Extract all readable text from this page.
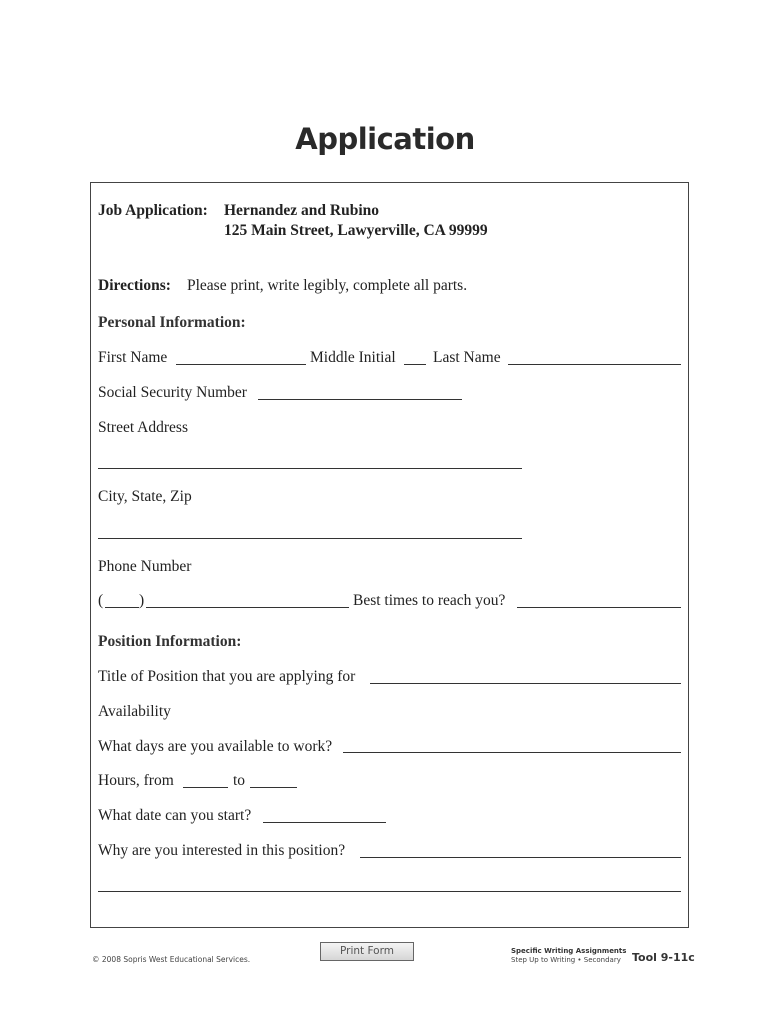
Application
Job Application: Hernandez and Rubino
125 Main Street, Lawyerville, CA 99999
Directions: Please print, write legibly, complete all parts.
Personal Information:
First Name	Middle Initial Last Name
Social Security Number
Street Address
City, State, Zip
Phone Number
( )	Best times to reach you?
Position Information:
Title of Position that you are applying for
Availability
What days are you available to work?
Hours, from	to
What date can you start?
Why are you interested in this position?
Print Form
© 2008 Sopris West Educational Services.
Specific Writing Assignments
Step Up to Writing • Secondary Tool 9-11c
